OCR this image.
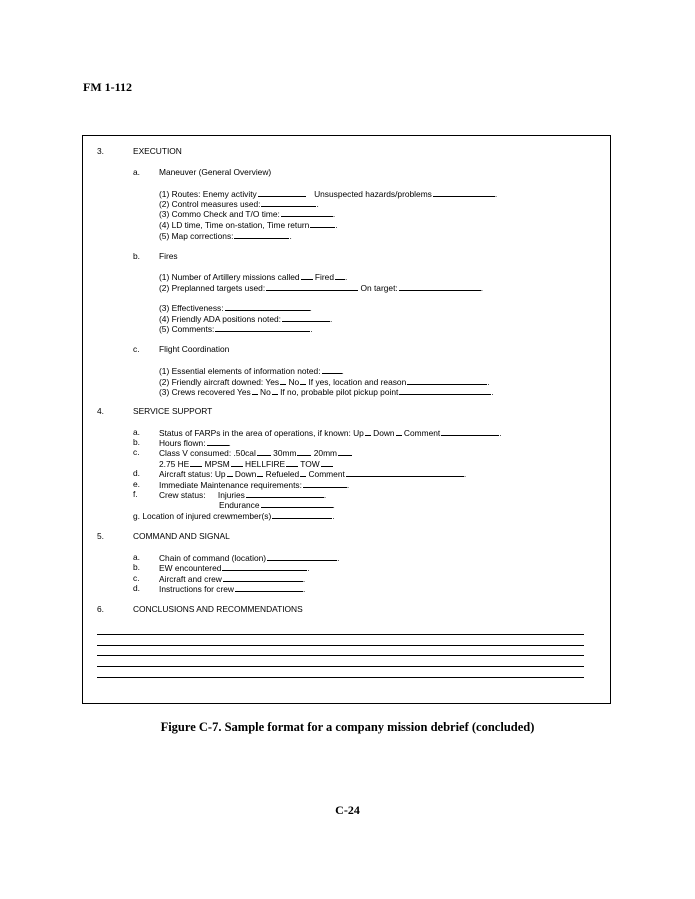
FM 1-112
3.	EXECUTION
a. Maneuver (General Overview)
(1) Routes: Enemy activity	Unsuspected hazards/problems	.
(2) Control measures used:	.
(3) Commo Check and T/O time:	.
(4) LD time, Time on-station, Time return	.
(5) Map corrections:	.
b. Fires
(1) Number of Artillery missions called Fired .
(2) Preplanned targets used:	On target:	.
(3) Effectiveness:	.
(4) Friendly ADA positions noted:	.
(5) Comments:	.
c. Flight Coordination
(1) Essential elements of information noted:	.
(2) Friendly aircraft downed: Yes No If yes, location and reason	.
(3) Crews recovered Yes No If no, probable pilot pickup point	.
4.	SERVICE SUPPORT
a. Status of FARPs in the area of operations, if known: Up Down Comment	.
b. Hours flown:	.
c. Class V consumed: .50cal 30mm 20mm
2.75 HE MPSM HELLFIRE TOW
d. Aircraft status: Up Down Refueled Comment	.
e. Immediate Maintenance requirements:	.
f.	Crew status: Injuries	.
Endurance	.
g. Location of injured crewmember(s)	.
5.	COMMAND AND SIGNAL
a. Chain of command (location)	.
b. EW encountered	.
c. Aircraft and crew	.
d. Instructions for crew	.
6.	CONCLUSIONS AND RECOMMENDATIONS
Figure C-7. Sample format for a company mission debrief (concluded)
C-24
